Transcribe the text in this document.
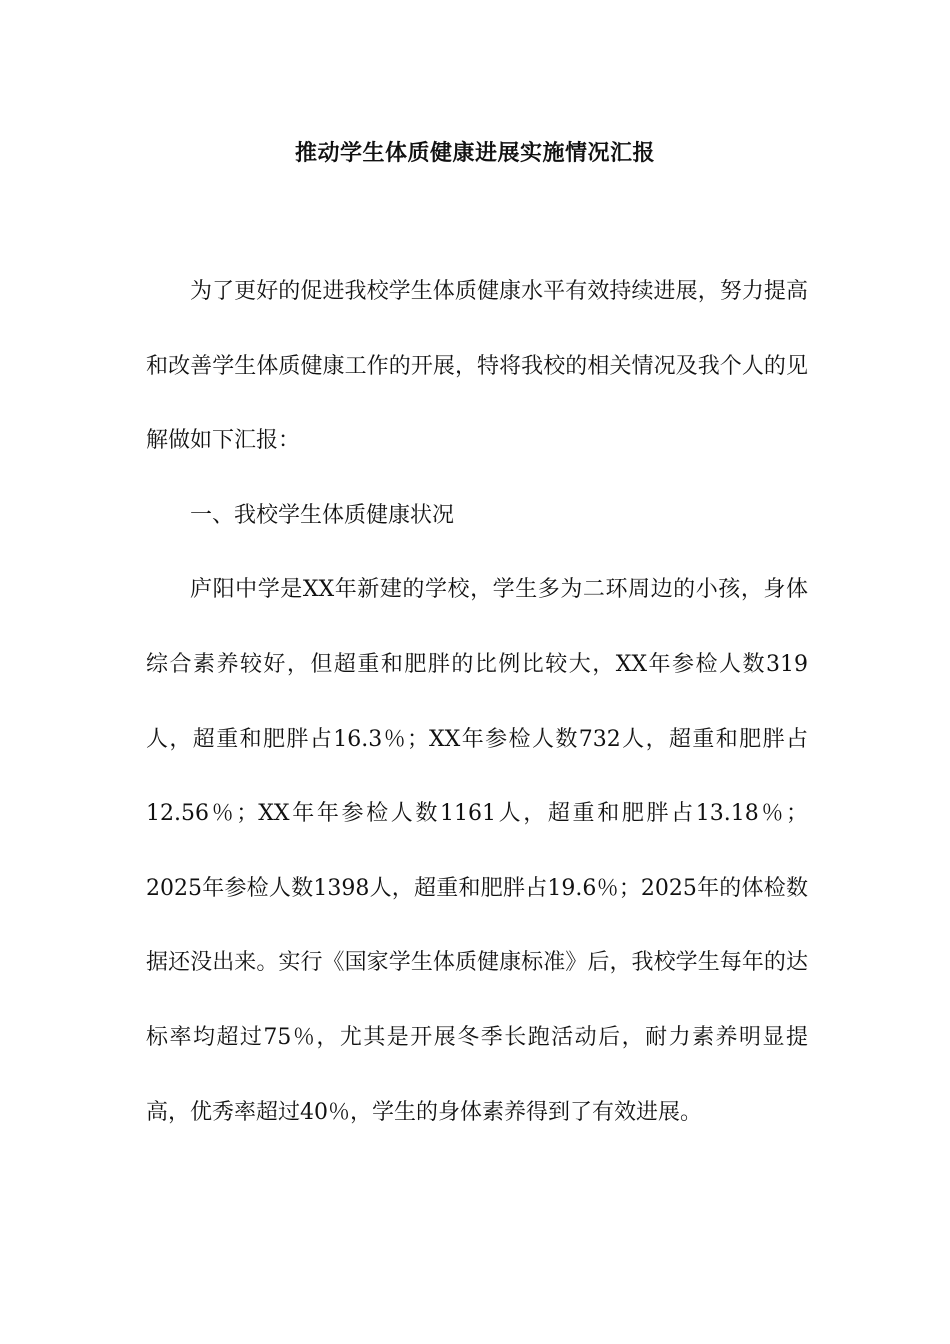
推动学生体质健康进展实施情况汇报

为了更好的促进我校学生体质健康水平有效持续进展，努力提高和改善学生体质健康工作的开展，特将我校的相关情况及我个人的见解做如下汇报：

一、我校学生体质健康状况

庐阳中学是XX年新建的学校，学生多为二环周边的小孩，身体综合素养较好，但超重和肥胖的比例比较大，XX年参检人数319人，超重和肥胖占16.3％；XX年参检人数732人，超重和肥胖占12.56％；XX年年参检人数1161人，超重和肥胖占13.18％；2025年参检人数1398人，超重和肥胖占19.6％；2025年的体检数据还没出来。实行《国家学生体质健康标准》后，我校学生每年的达标率均超过75％，尤其是开展冬季长跑活动后，耐力素养明显提高，优秀率超过40％，学生的身体素养得到了有效进展。
